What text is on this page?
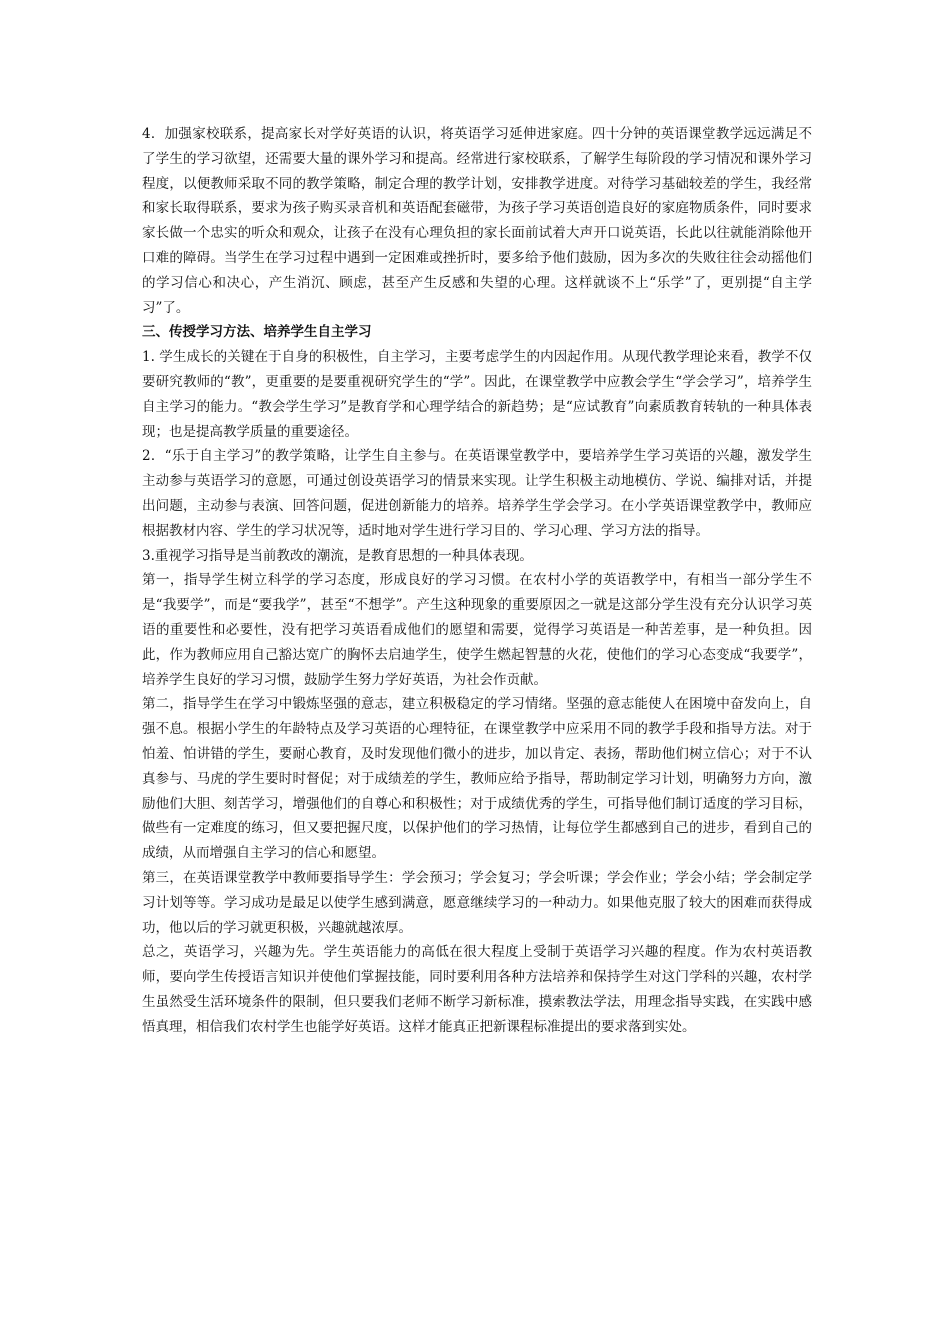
4．加强家校联系，提高家长对学好英语的认识，将英语学习延伸进家庭。四十分钟的英语课堂教学远远满足不了学生的学习欲望，还需要大量的课外学习和提高。经常进行家校联系，了解学生每阶段的学习情况和课外学习程度，以便教师采取不同的教学策略，制定合理的教学计划，安排教学进度。对待学习基础较差的学生，我经常和家长取得联系，要求为孩子购买录音机和英语配套磁带，为孩子学习英语创造良好的家庭物质条件，同时要求家长做一个忠实的听众和观众，让孩子在没有心理负担的家长面前试着大声开口说英语，长此以往就能消除他开口难的障碍。当学生在学习过程中遇到一定困难或挫折时，要多给予他们鼓励，因为多次的失败往往会动摇他们的学习信心和决心，产生消沉、顾虑，甚至产生反感和失望的心理。这样就谈不上“乐学”了，更别提“自主学习”了。

三、传授学习方法、培养学生自主学习

1. 学生成长的关键在于自身的积极性，自主学习，主要考虑学生的内因起作用。从现代教学理论来看，教学不仅要研究教师的“教”，更重要的是要重视研究学生的“学”。因此，在课堂教学中应教会学生“学会学习”，培养学生自主学习的能力。“教会学生学习”是教育学和心理学结合的新趋势；是“应试教育”向素质教育转轨的一种具体表现；也是提高教学质量的重要途径。

2．“乐于自主学习”的教学策略，让学生自主参与。在英语课堂教学中，要培养学生学习英语的兴趣，激发学生主动参与英语学习的意愿，可通过创设英语学习的情景来实现。让学生积极主动地模仿、学说、编排对话，并提出问题，主动参与表演、回答问题，促进创新能力的培养。培养学生学会学习。在小学英语课堂教学中，教师应根据教材内容、学生的学习状况等，适时地对学生进行学习目的、学习心理、学习方法的指导。

3.重视学习指导是当前教改的潮流，是教育思想的一种具体表现。

第一，指导学生树立科学的学习态度，形成良好的学习习惯。在农村小学的英语教学中，有相当一部分学生不是“我要学”，而是“要我学”，甚至“不想学”。产生这种现象的重要原因之一就是这部分学生没有充分认识学习英语的重要性和必要性，没有把学习英语看成他们的愿望和需要，觉得学习英语是一种苦差事，是一种负担。因此，作为教师应用自己豁达宽广的胸怀去启迪学生，使学生燃起智慧的火花，使他们的学习心态变成“我要学”，培养学生良好的学习习惯，鼓励学生努力学好英语，为社会作贡献。

第二，指导学生在学习中锻炼坚强的意志，建立积极稳定的学习情绪。坚强的意志能使人在困境中奋发向上，自强不息。根据小学生的年龄特点及学习英语的心理特征，在课堂教学中应采用不同的教学手段和指导方法。对于怕羞、怕讲错的学生，要耐心教育，及时发现他们微小的进步，加以肯定、表扬，帮助他们树立信心；对于不认真参与、马虎的学生要时时督促；对于成绩差的学生，教师应给予指导，帮助制定学习计划，明确努力方向，激励他们大胆、刻苦学习，增强他们的自尊心和积极性；对于成绩优秀的学生，可指导他们制订适度的学习目标，做些有一定难度的练习，但又要把握尺度，以保护他们的学习热情，让每位学生都感到自己的进步，看到自己的成绩，从而增强自主学习的信心和愿望。

第三，在英语课堂教学中教师要指导学生：学会预习；学会复习；学会听课；学会作业；学会小结；学会制定学习计划等等。学习成功是最足以使学生感到满意，愿意继续学习的一种动力。如果他克服了较大的困难而获得成功，他以后的学习就更积极，兴趣就越浓厚。

总之，英语学习，兴趣为先。学生英语能力的高低在很大程度上受制于英语学习兴趣的程度。作为农村英语教师，要向学生传授语言知识并使他们掌握技能，同时要利用各种方法培养和保持学生对这门学科的兴趣，农村学生虽然受生活环境条件的限制，但只要我们老师不断学习新标准，摸索教法学法，用理念指导实践，在实践中感悟真理，相信我们农村学生也能学好英语。这样才能真正把新课程标准提出的要求落到实处。
